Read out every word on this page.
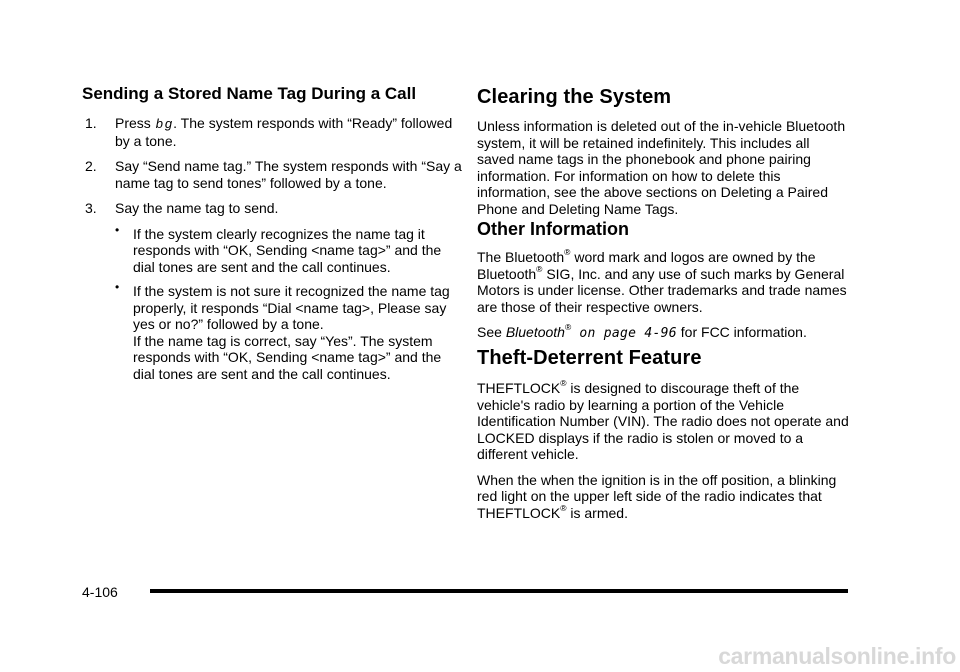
Sending a Stored Name Tag During a Call
1. Press b g. The system responds with “Ready” followed by a tone.
2. Say “Send name tag.” The system responds with “Say a name tag to send tones” followed by a tone.
3. Say the name tag to send.
• If the system clearly recognizes the name tag it responds with “OK, Sending <name tag>” and the dial tones are sent and the call continues.
• If the system is not sure it recognized the name tag properly, it responds “Dial <name tag>, Please say yes or no?” followed by a tone.
If the name tag is correct, say “Yes”. The system responds with “OK, Sending <name tag>” and the dial tones are sent and the call continues.
Clearing the System

Unless information is deleted out of the in-vehicle Bluetooth system, it will be retained indefinitely. This includes all saved name tags in the phonebook and phone pairing information. For information on how to delete this information, see the above sections on Deleting a Paired Phone and Deleting Name Tags.

Other Information

The Bluetooth® word mark and logos are owned by the Bluetooth® SIG, Inc. and any use of such marks by General Motors is under license. Other trademarks and trade names are those of their respective owners.

See Bluetooth® on page 4-96 for FCC information.

Theft-Deterrent Feature

THEFTLOCK® is designed to discourage theft of the vehicle's radio by learning a portion of the Vehicle Identification Number (VIN). The radio does not operate and LOCKED displays if the radio is stolen or moved to a different vehicle.

When the when the ignition is in the off position, a blinking red light on the upper left side of the radio indicates that THEFTLOCK® is armed.

4-106
carmanualsonline.info
